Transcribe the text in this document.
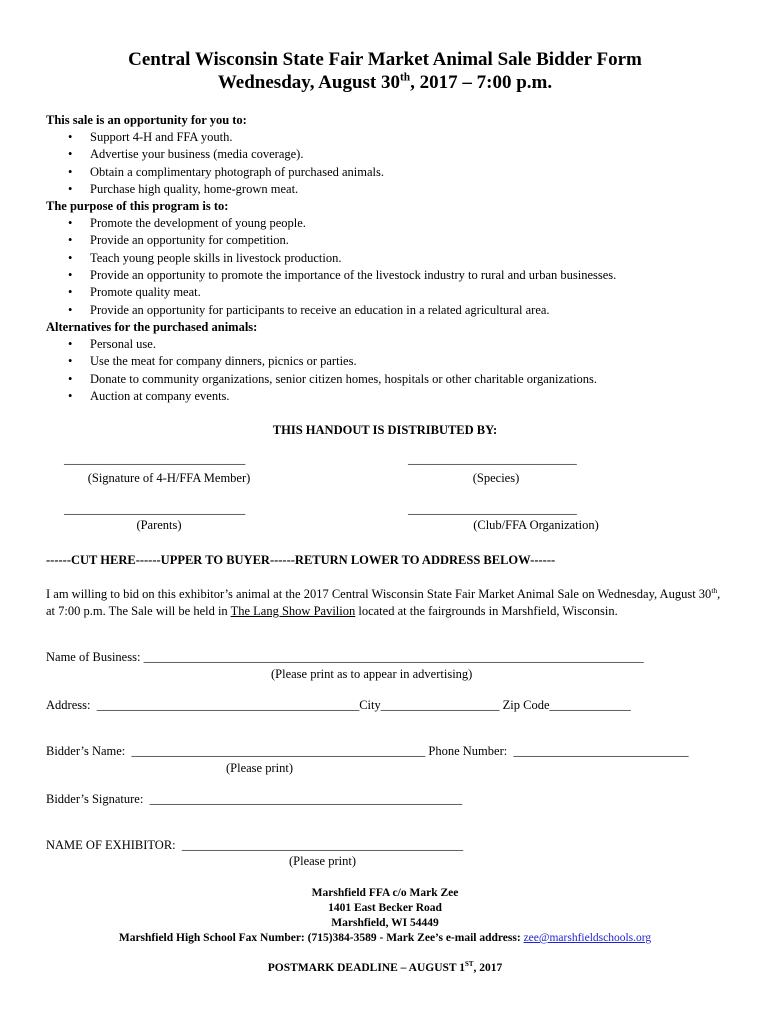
Central Wisconsin State Fair Market Animal Sale Bidder Form
Wednesday, August 30th, 2017 – 7:00 p.m.
This sale is an opportunity for you to:
• Support 4-H and FFA youth.
• Advertise your business (media coverage).
• Obtain a complimentary photograph of purchased animals.
• Purchase high quality, home-grown meat.
The purpose of this program is to:
• Promote the development of young people.
• Provide an opportunity for competition.
• Teach young people skills in livestock production.
• Provide an opportunity to promote the importance of the livestock industry to rural and urban businesses.
• Promote quality meat.
• Provide an opportunity for participants to receive an education in a related agricultural area.
Alternatives for the purchased animals:
• Personal use.
• Use the meat for company dinners, picnics or parties.
• Donate to community organizations, senior citizen homes, hospitals or other charitable organizations.
• Auction at company events.
THIS HANDOUT IS DISTRIBUTED BY:
_____________________________	___________________________
(Signature of 4-H/FFA Member)	(Species)
_____________________________	___________________________
(Parents)	(Club/FFA Organization)
------CUT HERE------UPPER TO BUYER------RETURN LOWER TO ADDRESS BELOW------
I am willing to bid on this exhibitor’s animal at the 2017 Central Wisconsin State Fair Market Animal Sale on Wednesday, August 30th, at 7:00 p.m. The Sale will be held in The Lang Show Pavilion located at the fairgrounds in Marshfield, Wisconsin.
Name of Business: ________________________________________________________________________________
(Please print as to appear in advertising)
Address: __________________________________________City___________________ Zip Code_____________
Bidder’s Name: _______________________________________________ Phone Number: ____________________________
(Please print)
Bidder’s Signature: __________________________________________________
NAME OF EXHIBITOR: _____________________________________________
(Please print)
Marshfield FFA c/o Mark Zee
1401 East Becker Road
Marshfield, WI 54449
Marshfield High School Fax Number: (715)384-3589 - Mark Zee’s e-mail address: zee@marshfieldschools.org
POSTMARK DEADLINE – AUGUST 1ST, 2017
